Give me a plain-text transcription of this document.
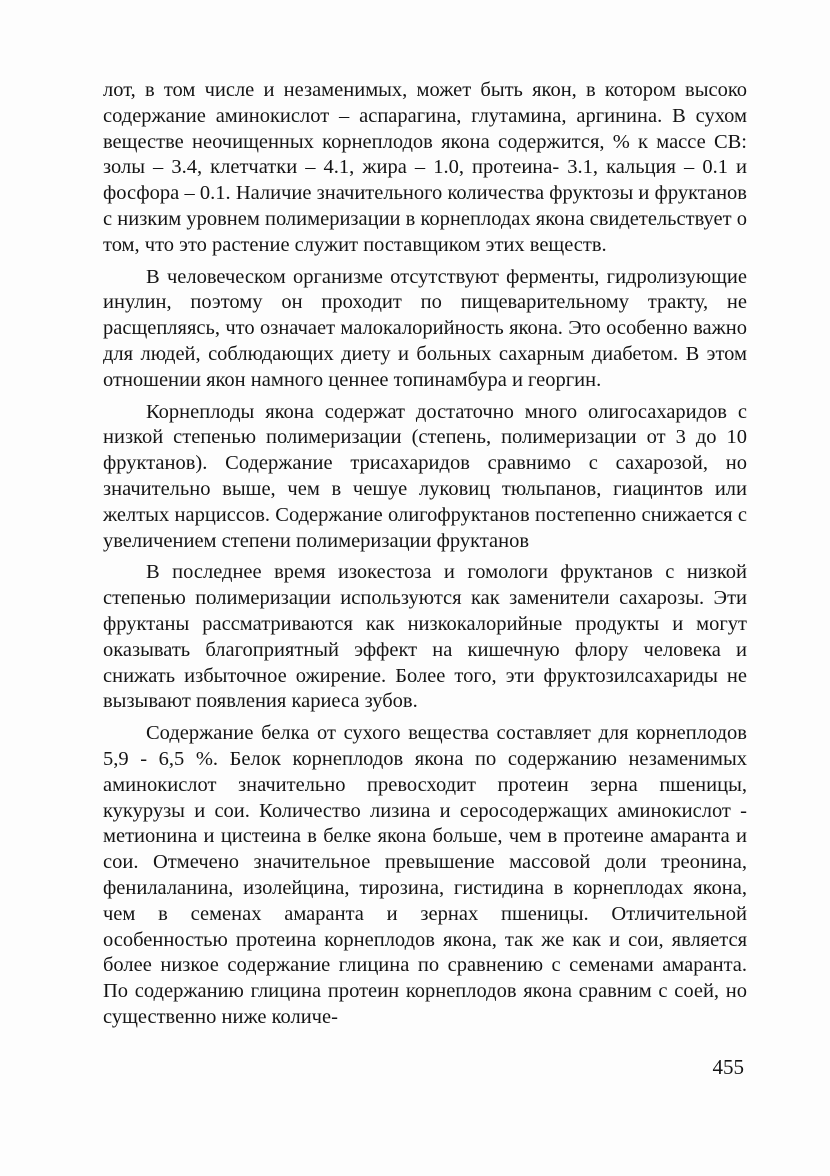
лот, в том числе и незаменимых, может быть якон, в котором высоко содержание аминокислот – аспарагина, глутамина, аргинина. В сухом веществе неочищенных корнеплодов якона содержится, % к массе СВ: золы – 3.4, клетчатки – 4.1, жира – 1.0, протеина- 3.1, кальция – 0.1 и фосфора – 0.1. Наличие значительного количества фруктозы и фруктанов с низким уровнем полимеризации в корнеплодах якона свидетельствует о том, что это растение служит поставщиком этих веществ.

В человеческом организме отсутствуют ферменты, гидролизующие инулин, поэтому он проходит по пищеварительному тракту, не расщепляясь, что означает малокалорийность якона. Это особенно важно для людей, соблюдающих диету и больных сахарным диабетом. В этом отношении якон намного ценнее топинамбура и георгин.

Корнеплоды якона содержат достаточно много олигосахаридов с низкой степенью полимеризации (степень, полимеризации от 3 до 10 фруктанов). Содержание трисахаридов сравнимо с сахарозой, но значительно выше, чем в чешуе луковиц тюльпанов, гиацинтов или желтых нарциссов. Содержание олигофруктанов постепенно снижается с увеличением степени полимеризации фруктанов

В последнее время изокестоза и гомологи фруктанов с низкой степенью полимеризации используются как заменители сахарозы. Эти фруктаны рассматриваются как низкокалорийные продукты и могут оказывать благоприятный эффект на кишечную флору человека и снижать избыточное ожирение. Более того, эти фруктозилсахариды не вызывают появления кариеса зубов.

Содержание белка от сухого вещества составляет для корнеплодов 5,9 - 6,5 %. Белок корнеплодов якона по содержанию незаменимых аминокислот значительно превосходит протеин зерна пшеницы, кукурузы и сои. Количество лизина и серосодержащих аминокислот - метионина и цистеина в белке якона больше, чем в протеине амаранта и сои. Отмечено значительное превышение массовой доли треонина, фенилаланина, изолейцина, тирозина, гистидина в корнеплодах якона, чем в семенах амаранта и зернах пшеницы. Отличительной особенностью протеина корнеплодов якона, так же как и сои, является более низкое содержание глицина по сравнению с семенами амаранта. По содержанию глицина протеин корнеплодов якона сравним с соей, но существенно ниже количе-

455
